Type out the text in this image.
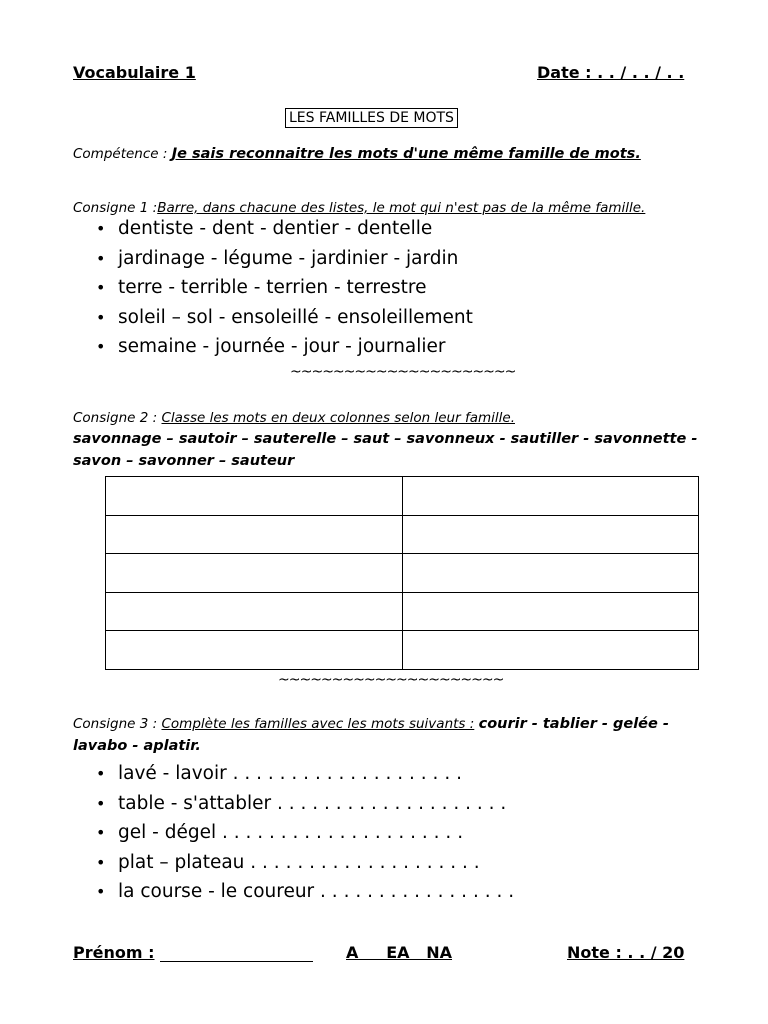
Vocabulaire 1	Date : . . / . . / . .
LES FAMILLES DE MOTS
Compétence : Je sais reconnaitre les mots d'une même famille de mots.
Consigne 1 :Barre, dans chacune des listes, le mot qui n'est pas de la même famille.
• dentiste - dent - dentier - dentelle
• jardinage - légume - jardinier - jardin
• terre - terrible - terrien - terrestre
• soleil – sol - ensoleillé - ensoleillement
• semaine - journée - jour - journalier
~~~~~~~~~~~~~~~~~~~~~
Consigne 2 : Classe les mots en deux colonnes selon leur famille.
savonnage – sautoir – sauterelle – saut – savonneux - sautiller - savonnette -
savon – savonner – sauteur

~~~~~~~~~~~~~~~~~~~~~
Consigne 3 : Complète les familles avec les mots suivants : courir - tablier - gelée -
lavabo - aplatir.
• lavé - lavoir . . . . . . . . . . . . . . . . . . . .
• table - s'attabler . . . . . . . . . . . . . . . . . . . .
• gel - dégel . . . . . . . . . . . . . . . . . . . . .
• plat – plateau . . . . . . . . . . . . . . . . . . . .
• la course - le coureur . . . . . . . . . . . . . . . . .
Prénom :	A     EA   NA	Note : . . / 20
